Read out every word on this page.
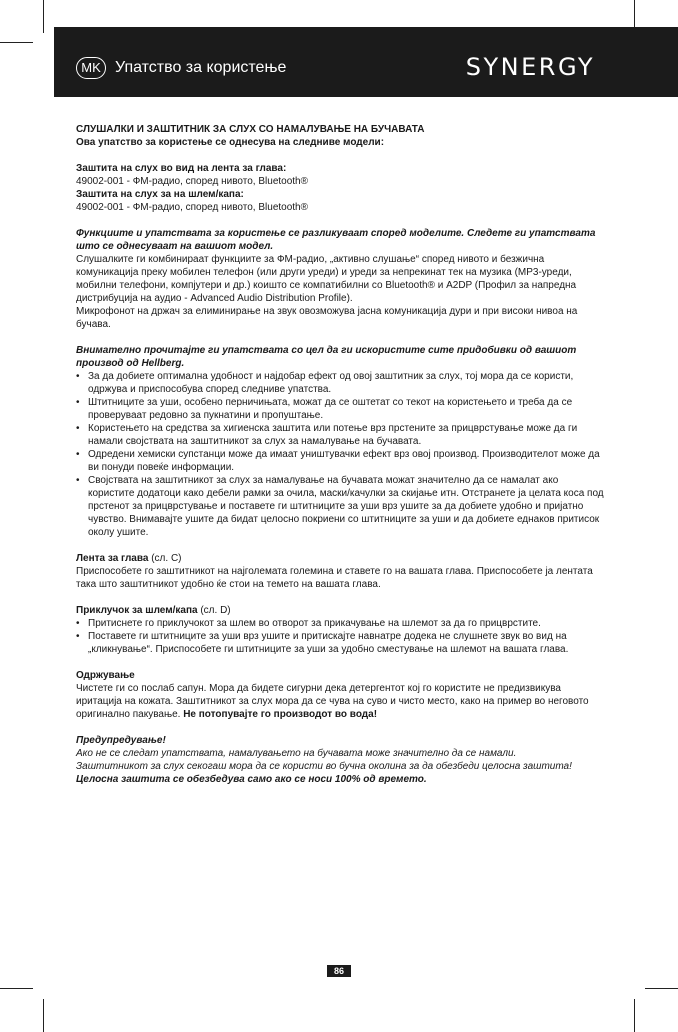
MK Упатство за користење	SYNERGY

СЛУШАЛКИ И ЗАШТИТНИК ЗА СЛУХ СО НАМАЛУВАЊЕ НА БУЧАВАТА

Ова упатство за користење се однесува на следниве модели:

Заштита на слух во вид на лента за глава:

49002-001 - ФМ-радио, според нивото, Bluetooth®

Заштита на слух за на шлем/капа:

49002-001 - ФМ-радио, според нивото, Bluetooth®

Функциите и упатствата за користење се разликуваат според моделите. Следете ги упатствата што се однесуваат на вашиот модел.

Слушалките ги комбинираат функциите за ФМ-радио, „активно слушање“ според нивото и безжична комуникација преку мобилен телефон (или други уреди) и уреди за непрекинат тек на музика (MP3-уреди, мобилни телефони, компјутери и др.) коишто се компатибилни со Bluetooth® и A2DP (Профил за напредна дистрибуција на аудио - Advanced Audio Distribution Profile).

Микрофонот на држач за елиминирање на звук овозможува јасна комуникација дури и при високи нивоа на бучава.

Внимателно прочитајте ги упатствата со цел да ги искористите сите придобивки од вашиот производ од Hellberg.

• За да добиете оптимална удобност и најдобар ефект од овој заштитник за слух, тој мора да се користи, одржува и приспособува според следниве упатства.
• Штитниците за уши, особено перничињата, можат да се оштетат со текот на користењето и треба да се проверуваат редовно за пукнатини и пропуштање.
• Користењето на средства за хигиенска заштита или потење врз прстените за прицврстување може да ги намали својствата на заштитникот за слух за намалување на бучавата.
• Одредени хемиски супстанци може да имаат уништувачки ефект врз овој производ. Производителот може да ви понуди повеќе информации.
• Својствата на заштитникот за слух за намалување на бучавата можат значително да се намалат ако користите додатоци како дебели рамки за очила, маски/качулки за скијање итн. Отстранете ја целата коса под прстенот за прицврстување и поставете ги штитниците за уши врз ушите за да добиете удобно и пријатно чувство. Внимавајте ушите да бидат целосно покриени со штитниците за уши и да добиете еднаков притисок околу ушите.

Лента за глава (сл. C)

Приспособете го заштитникот на најголемата големина и ставете го на вашата глава. Приспособете ја лентата така што заштитникот удобно ќе стои на темето на вашата глава.

Приклучок за шлем/капа (сл. D)

• Притиснете го приклучокот за шлем во отворот за прикачување на шлемот за да го прицврстите.
• Поставете ги штитниците за уши врз ушите и притискајте навнатре додека не слушнете звук во вид на „кликнување“. Приспособете ги штитниците за уши за удобно сместување на шлемот на вашата глава.

Одржување

Чистете ги со послаб сапун. Мора да бидете сигурни дека детергентот кој го користите не предизвикува иритација на кожата. Заштитникот за слух мора да се чува на суво и чисто место, како на пример во неговото оригинално пакување. Не потопувајте го производот во вода!

Предупредување!

Ако не се следат упатствата, намалувањето на бучавата може значително да се намали.

Заштитникот за слух секогаш мора да се користи во бучна околина за да обезбеди целосна заштита!

Целосна заштита се обезбедува само ако се носи 100% од времето.

86
